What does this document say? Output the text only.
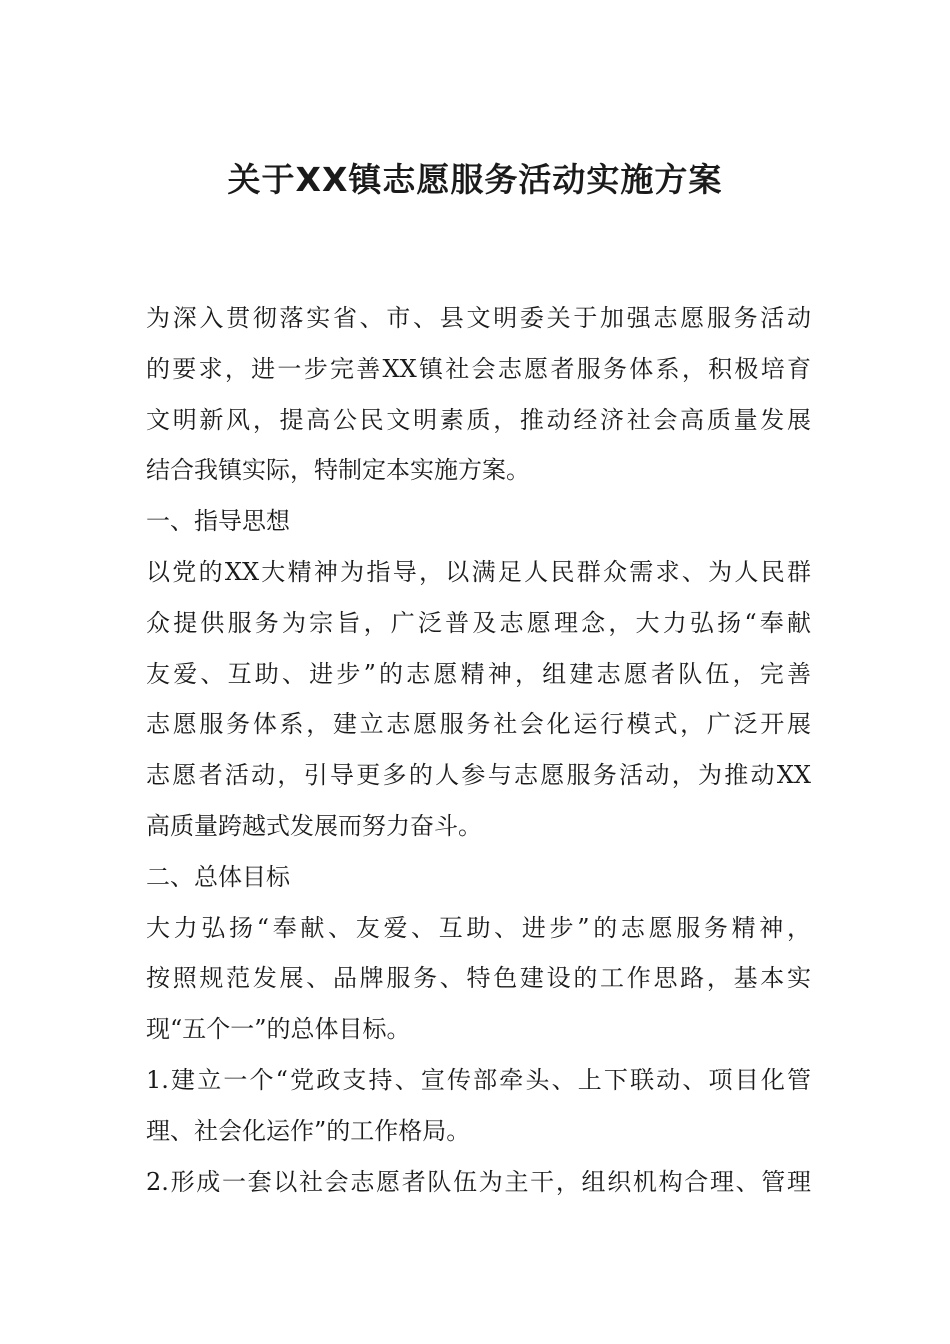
关于XX镇志愿服务活动实施方案
为深入贯彻落实省、市、县文明委关于加强志愿服务活动
的要求，进一步完善XX镇社会志愿者服务体系，积极培育
文明新风，提高公民文明素质，推动经济社会高质量发展
结合我镇实际，特制定本实施方案。
一、指导思想
以党的XX大精神为指导，以满足人民群众需求、为人民群
众提供服务为宗旨，广泛普及志愿理念，大力弘扬“奉献
友爱、互助、进步”的志愿精神，组建志愿者队伍，完善
志愿服务体系，建立志愿服务社会化运行模式，广泛开展
志愿者活动，引导更多的人参与志愿服务活动，为推动XX
高质量跨越式发展而努力奋斗。
二、总体目标
大力弘扬“奉献、友爱、互助、进步”的志愿服务精神，
按照规范发展、品牌服务、特色建设的工作思路，基本实
现“五个一”的总体目标。
1.建立一个“党政支持、宣传部牵头、上下联动、项目化管
理、社会化运作”的工作格局。
2.形成一套以社会志愿者队伍为主干，组织机构合理、管理
